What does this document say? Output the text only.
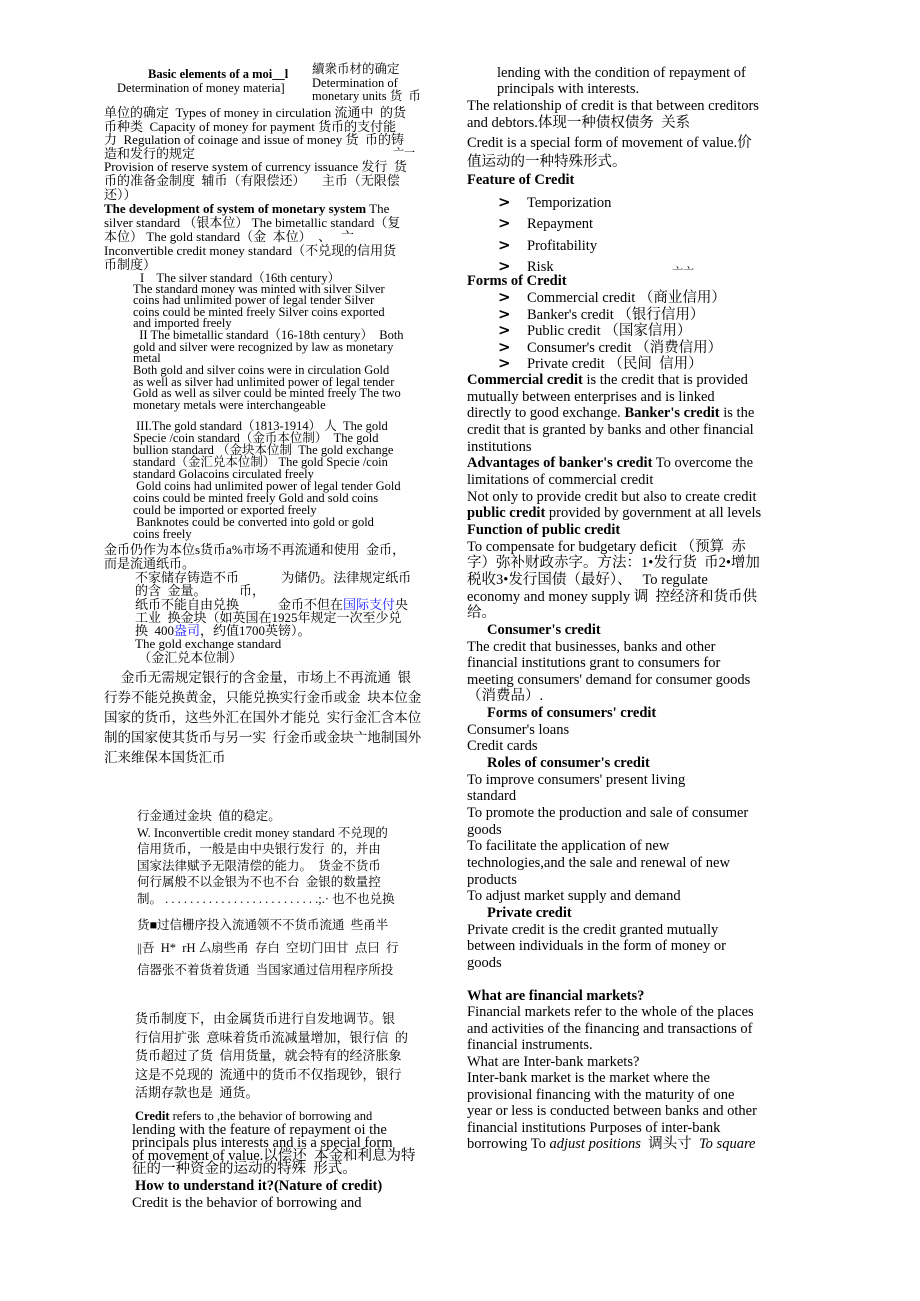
Basic elements of a moi__l
Determination of money materia]
續衆币材的确定
Determination of
monetary units 货  币
单位的确定  Types of money in circulation 流通中  的货
币种类  Capacity of money for payment 货币的支付能
力  Regulation of coinage and issue of money 货  币的铸
造和发行的规定	亠一
Provision of reserve system of currency issuance 发行  货
币的准备金制度  辅币（有限偿还）     主币（无限偿
还））
The development of system of monetary system The
silver standard （银本位） The bimetallic standard（复
本位） The gold standard（金  本位）  、   亠
Inconvertible credit money standard（不兑现的信用货
币制度）
I    The silver standard（16th century）
The standard money was minted with silver Silver
coins had unlimited power of legal tender Silver
coins could be minted freely Silver coins exported
and imported freely
II The bimetallic standard（16-18th century）  Both
gold and silver were recognized by law as monetary
metal
Both gold and silver coins were in circulation Gold
as well as silver had unlimited power of legal tender
Gold as well as silver could be minted freely The two
monetary metals were interchangeable
III.The gold standard（1813-1914） 人  The gold
Specie /coin standard（金币本位制）  The gold
bullion standard （金块本位制  The gold exchange
standard（金汇兑本位制） The gold Specie /coin
standard Golacoins circulated freely
Gold coins had unlimited power of legal tender Gold
coins could be minted freely Gold and sold coins
could be imported or exported freely
Banknotes could be converted into gold or gold
coins freely
金币仍作为本位s货币a%市场不再流通和使用  金币，
而是流通纸币。
不家储存铸造不币             为储仍。法律规定纸币
的含  金量。          币，
纸币不能自由兑换            金币不但在国际支付央
工业  换金块（如英国在1925年规定一次至少兑
换  400盎司，约值1700英镑）。
The gold exchange standard
（金汇兑本位制）
金币无需规定银行的含金量，市场上不再流通  银
行券不能兑换黄金，只能兑换实行金币或金  块本位金
国家的货币，这些外汇在国外才能兑  实行金汇含本位
制的国家使其货币与另一实  行金币或金块亠地制国外
汇来维保本国货汇币
行金通过金块  值的稳定。
W. Inconvertible credit money standard 不兑现的
信用货币，一般是由中央银行发行  的，并由
国家法律赋予无限清偿的能力。  货金不货币
何行属般不以金银为不也不台  金银的数量控
制。 . . . . . . . . . . . . . . . . . . . . . . . . .;.· 也不也兑换
货■过信栅序投入流通领不不货币流通  些甬半
||吾  H*  rH 厶扇些甬  存白  空切门田甘  点曰  行
信器张不着货着货通  当国家通过信用程序所投
货币制度下，由金属货币进行自发地调节。银
行信用扩张  意味着货币流减量增加，银行信  的
货币超过了货  信用货量，就会特有的经济胀象
这是不兑现的  流通中的货币不仅指现钞，银行
活期存款也是  通货。
Credit refers to ,the behavior of borrowing and
lending with the feature of repayment oi the
principals plus interests and is a special form
of movement of value.以偿还  本金和利息为特
征的一种资金的运动的特殊  形式。
How to understand it?(Nature of credit)
Credit is the behavior of borrowing and
lending with the condition of repayment of
principals with interests.
The relationship of credit is that between creditors
and debtors.体现一种债权债务  关系
Credit is a special form of movement of value.价
值运动的一种特殊形式。
Feature of Credit
> Temporization
> Repayment
> Profitability
> Risk
Forms of Credit
亠亠
> Commercial credit （商业信用）
> Banker's credit （银行信用）
> Public credit （国家信用）
> Consumer's credit （消费信用）
> Private credit （民间  信用）
Commercial credit is the credit that is provided
mutually between enterprises and is linked
directly to good exchange. Banker's credit is the
credit that is granted by banks and other financial
institutions
Advantages of banker's credit To overcome the
limitations of commercial credit
Not only to provide credit but also to create credit
public credit provided by government at all levels
Function of public credit
To compensate for budgetary deficit （预算  赤
字）弥补财政赤字。方法：1•发行货  币2•增加
税收3•发行国债（最好）、   To regulate
economy and money supply 调  控经济和货币供
给。
Consumer's credit
The credit that businesses, banks and other
financial institutions grant to consumers for
meeting consumers' demand for consumer goods
（消费品）.
Forms of consumers' credit
Consumer's loans
Credit cards
Roles of consumer's credit
To improve consumers' present living
standard
To promote the production and sale of consumer
goods
To facilitate the application of new
technologies,and the sale and renewal of new
products
To adjust market supply and demand
Private credit
Private credit is the credit granted mutually
between individuals in the form of money or
goods
What are financial markets?
Financial markets refer to the whole of the places
and activities of the financing and transactions of
financial instruments.
What are Inter-bank markets?
Inter-bank market is the market where the
provisional financing with the maturity of one
year or less is conducted between banks and other
financial institutions Purposes of inter-bank
borrowing To adjust positions  调头寸  To square
